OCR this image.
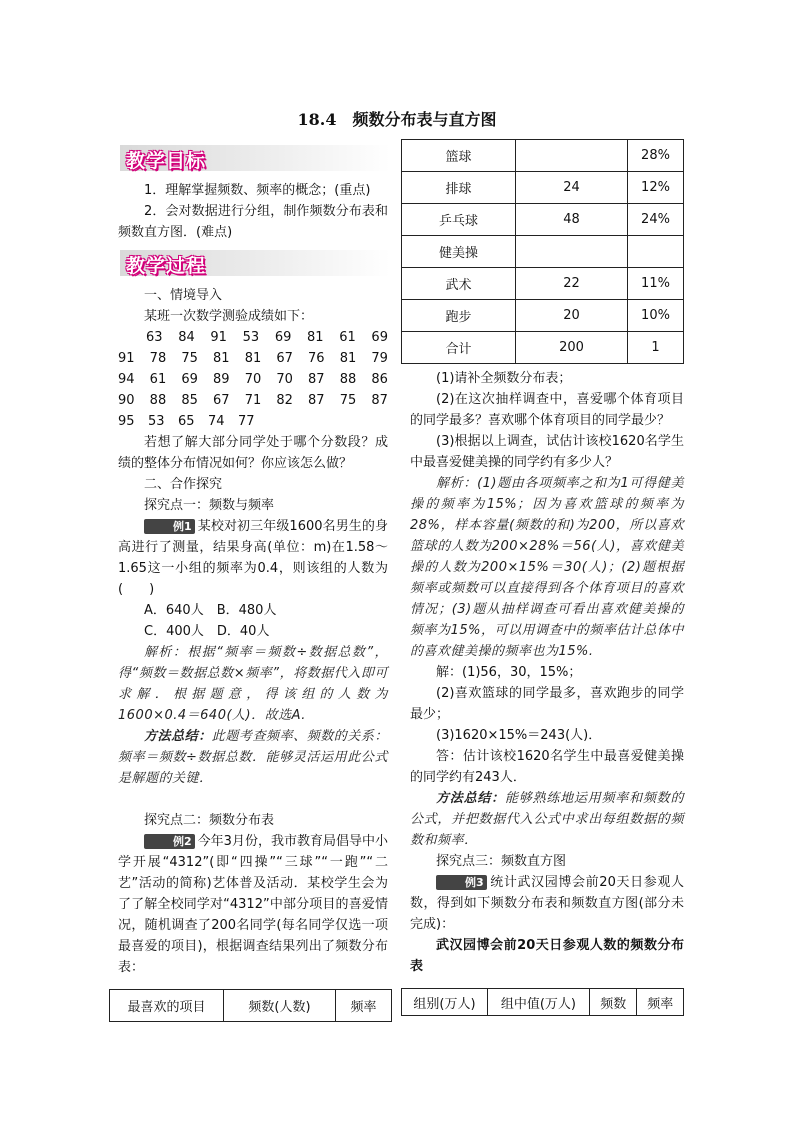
18.4　频数分布表与直方图
教学目标

1．理解掌握频数、频率的概念；(重点)

2．会对数据进行分组，制作频数分布表和频数直方图．(难点)

教学过程

一、情境导入

某班一次数学测验成绩如下：

63 84 91 53 69 81 61 69
91 78 75 81 81 67 76 81 79
94 61 69 89 70 70 87 88 86
90 88 85 67 71 82 87 75 87
95	53	65	74	77

若想了解大部分同学处于哪个分数段？成绩的整体分布情况如何？你应该怎么做？

二、合作探究

探究点一：频数与频率

例1 某校对初三年级1600名男生的身高进行了测量，结果身高(单位：m)在1.58～1.65这一小组的频率为0.4，则该组的人数为(　　)

A．640人　B．480人

C．400人　D．40人

解析：根据“频率＝频数÷数据总数”，得“频数＝数据总数×频率”，将数据代入即可求解．根据题意，得该组的人数为1600×0.4＝640(人)．故选A.

方法总结：此题考查频率、频数的关系：频率＝频数÷数据总数．能够灵活运用此公式是解题的关键．

探究点二：频数分布表

例2 今年3月份，我市教育局倡导中小学开展“4312”(即“四操”“三球”“一跑”“二艺”活动的简称)艺体普及活动．某校学生会为了了解全校同学对“4312”中部分项目的喜爱情况，随机调查了200名同学(每名同学仅选一项最喜爱的项目)，根据调查结果列出了频数分布表：

最喜欢的项目	频数(人数)	频率
篮球		28%
排球	24	12%
乒乓球	48	24%
健美操		
武术	22	11%
跑步	20	10%
合计	200	1

(1)请补全频数分布表；

(2)在这次抽样调查中，喜爱哪个体育项目的同学最多？喜欢哪个体育项目的同学最少？

(3)根据以上调查，试估计该校1620名学生中最喜爱健美操的同学约有多少人？

解析：(1)题由各项频率之和为1可得健美操的频率为15%；因为喜欢篮球的频率为28%，样本容量(频数的和)为200，所以喜欢篮球的人数为200×28%＝56(人)，喜欢健美操的人数为200×15%＝30(人)；(2)题根据频率或频数可以直接得到各个体育项目的喜欢情况；(3)题从抽样调查可看出喜欢健美操的频率为15%，可以用调查中的频率估计总体中的喜欢健美操的频率也为15%.

解：(1)56，30，15%；

(2)喜欢篮球的同学最多，喜欢跑步的同学最少；

(3)1620×15%＝243(人)．

答：估计该校1620名学生中最喜爱健美操的同学约有243人．

方法总结：能够熟练地运用频率和频数的公式，并把数据代入公式中求出每组数据的频数和频率．

探究点三：频数直方图

例3 统计武汉园博会前20天日参观人数，得到如下频数分布表和频数直方图(部分未完成)：

武汉园博会前20天日参观人数的频数分布表

组别(万人)	组中值(万人)	频数	频率
